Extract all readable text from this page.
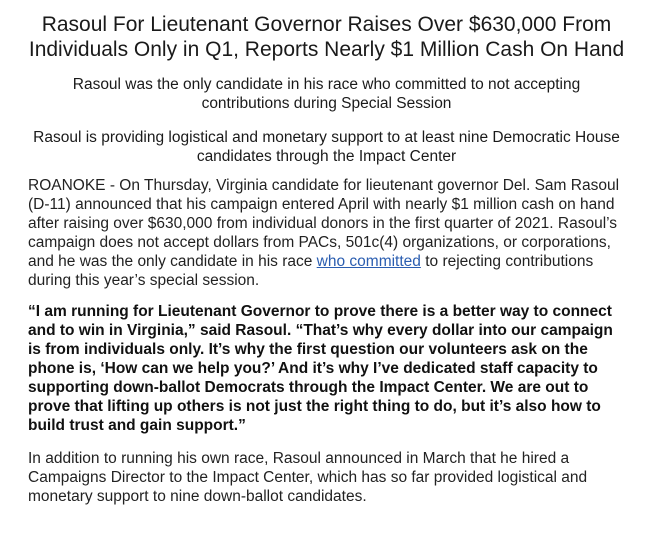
Rasoul For Lieutenant Governor Raises Over $630,000 From Individuals Only in Q1, Reports Nearly $1 Million Cash On Hand

Rasoul was the only candidate in his race who committed to not accepting contributions during Special Session

Rasoul is providing logistical and monetary support to at least nine Democratic House candidates through the Impact Center

ROANOKE - On Thursday, Virginia candidate for lieutenant governor Del. Sam Rasoul (D-11) announced that his campaign entered April with nearly $1 million cash on hand after raising over $630,000 from individual donors in the first quarter of 2021. Rasoul’s campaign does not accept dollars from PACs, 501c(4) organizations, or corporations, and he was the only candidate in his race who committed to rejecting contributions during this year’s special session.

“I am running for Lieutenant Governor to prove there is a better way to connect and to win in Virginia,” said Rasoul. “That’s why every dollar into our campaign is from individuals only. It’s why the first question our volunteers ask on the phone is, ‘How can we help you?’ And it’s why I’ve dedicated staff capacity to supporting down-ballot Democrats through the Impact Center. We are out to prove that lifting up others is not just the right thing to do, but it’s also how to build trust and gain support.”

In addition to running his own race, Rasoul announced in March that he hired a Campaigns Director to the Impact Center, which has so far provided logistical and monetary support to nine down-ballot candidates.
